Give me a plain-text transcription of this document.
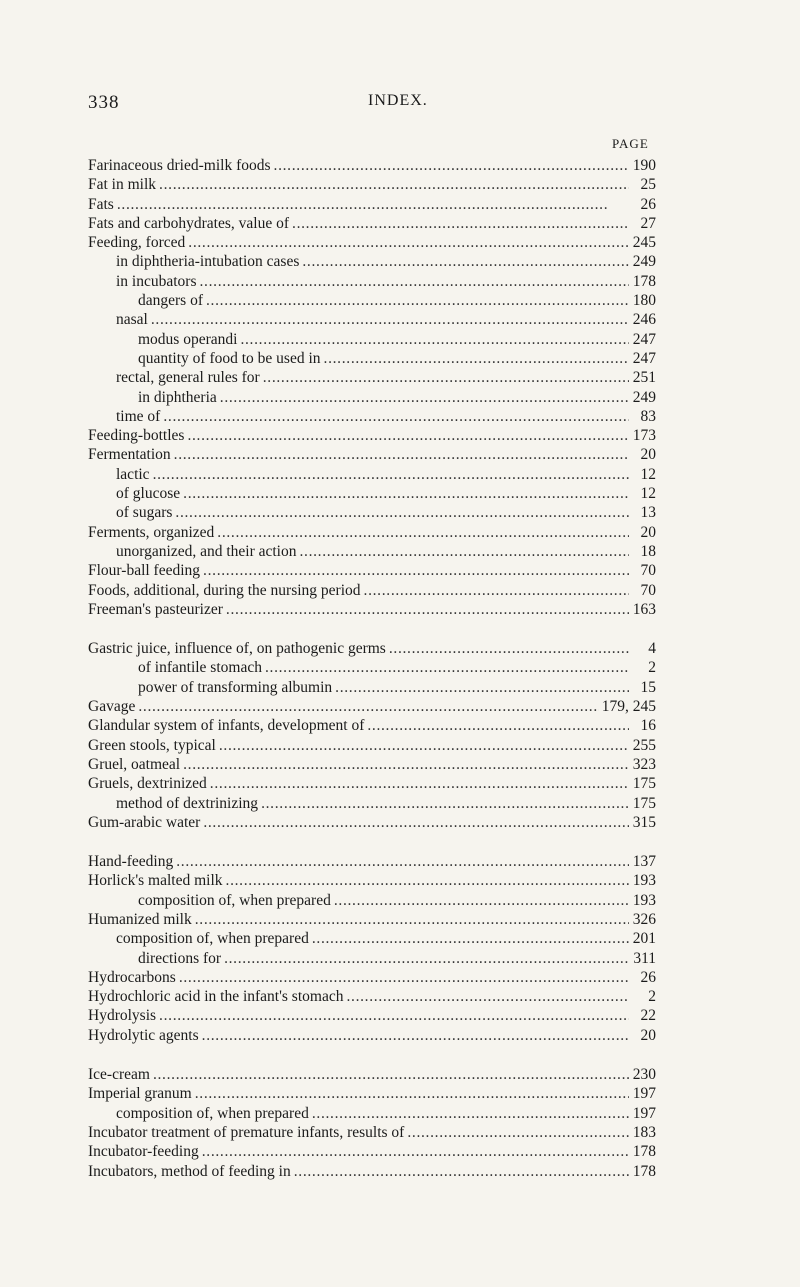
338	INDEX.
PAGE
Farinaceous dried-milk foods . . .	190
Fat in milk . . .	25
Fats . . .	26
Fats and carbohydrates, value of . . .	27
Feeding, forced . . .	245
in diphtheria-intubation cases . . .	249
in incubators . . .	178
dangers of . . .	180
nasal . . .	246
modus operandi . . .	247
quantity of food to be used in . . .	247
rectal, general rules for . . .	251
in diphtheria . . .	249
time of . . .	83
Feeding-bottles . . .	173
Fermentation . . .	20
lactic . . .	12
of glucose . . .	12
of sugars . . .	13
Ferments, organized . . .	20
unorganized, and their action . . .	18
Flour-ball feeding . . .	70
Foods, additional, during the nursing period . . .	70
Freeman's pasteurizer . . .	163
Gastric juice, influence of, on pathogenic germs . . .	4
of infantile stomach . . .	2
power of transforming albumin . . .	15
Gavage . . .	179, 245
Glandular system of infants, development of . . .	16
Green stools, typical . . .	255
Gruel, oatmeal . . .	323
Gruels, dextrinized . . .	175
method of dextrinizing . . .	175
Gum-arabic water . . .	315
Hand-feeding . . .	137
Horlick's malted milk . . .	193
composition of, when prepared . . .	193
Humanized milk . . .	326
composition of, when prepared . . .	201
directions for . . .	311
Hydrocarbons . . .	26
Hydrochloric acid in the infant's stomach . . .	2
Hydrolysis . . .	22
Hydrolytic agents . . .	20
Ice-cream . . .	230
Imperial granum . . .	197
composition of, when prepared . . .	197
Incubator treatment of premature infants, results of . . .	183
Incubator-feeding . . .	178
Incubators, method of feeding in . . .	178
